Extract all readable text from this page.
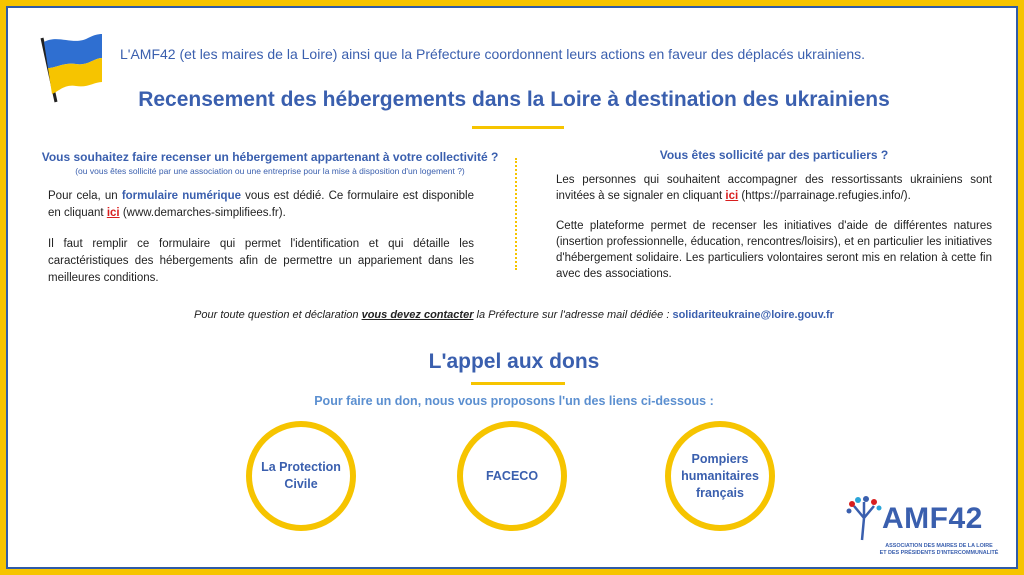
L'AMF42 (et les maires de la Loire) ainsi que la Préfecture coordonnent leurs actions en faveur des déplacés ukrainiens.
Recensement des hébergements dans la Loire à destination des ukrainiens
Vous souhaitez faire recenser un hébergement appartenant à votre collectivité ?
(ou vous êtes sollicité par une association ou une entreprise pour la mise à disposition d'un logement ?)
Pour cela, un formulaire numérique vous est dédié. Ce formulaire est disponible en cliquant ici (www.demarches-simplifiees.fr).
Il faut remplir ce formulaire qui permet l'identification et qui détaille les caractéristiques des hébergements afin de permettre un appariement dans les meilleures conditions.
Vous êtes sollicité par des particuliers ?
Les personnes qui souhaitent accompagner des ressortissants ukrainiens sont invitées à se signaler en cliquant ici (https://parrainage.refugies.info/).
Cette plateforme permet de recenser les initiatives d'aide de différentes natures (insertion professionnelle, éducation, rencontres/loisirs), et en particulier les initiatives d'hébergement solidaire. Les particuliers volontaires seront mis en relation à cette fin avec des associations.
Pour toute question et déclaration vous devez contacter la Préfecture sur l'adresse mail dédiée : solidariteukraine@loire.gouv.fr
L'appel aux dons
Pour faire un don, nous vous proposons l'un des liens ci-dessous :
La Protection Civile
FACECO
Pompiers humanitaires français
AMF42
ASSOCIATION DES MAIRES DE LA LOIRE
ET DES PRÉSIDENTS D'INTERCOMMUNALITÉ
